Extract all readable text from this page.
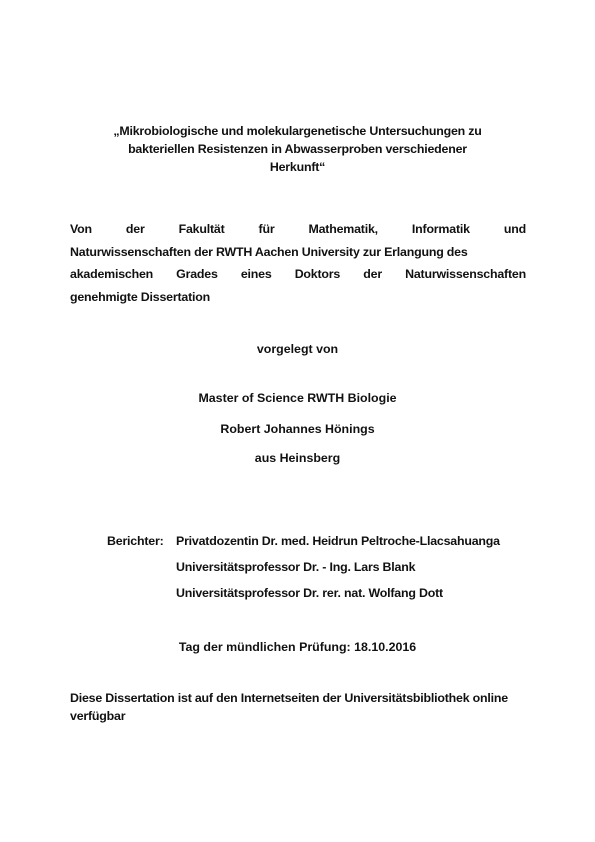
„Mikrobiologische und molekulargenetische Untersuchungen zu
bakteriellen Resistenzen in Abwasserproben verschiedener
Herkunft“
Von	der	Fakultät	für	Mathematik,	Informatik	und
Naturwissenschaften der RWTH Aachen University zur Erlangung des
akademischen Grades eines Doktors der Naturwissenschaften
genehmigte Dissertation
vorgelegt von
Master of Science RWTH Biologie
Robert Johannes Hönings
aus Heinsberg
Berichter: Privatdozentin Dr. med. Heidrun Peltroche-Llacsahuanga
Universitätsprofessor Dr. - Ing. Lars Blank
Universitätsprofessor Dr. rer. nat. Wolfang Dott
Tag der mündlichen Prüfung: 18.10.2016
Diese Dissertation ist auf den Internetseiten der Universitätsbibliothek online
verfügbar
